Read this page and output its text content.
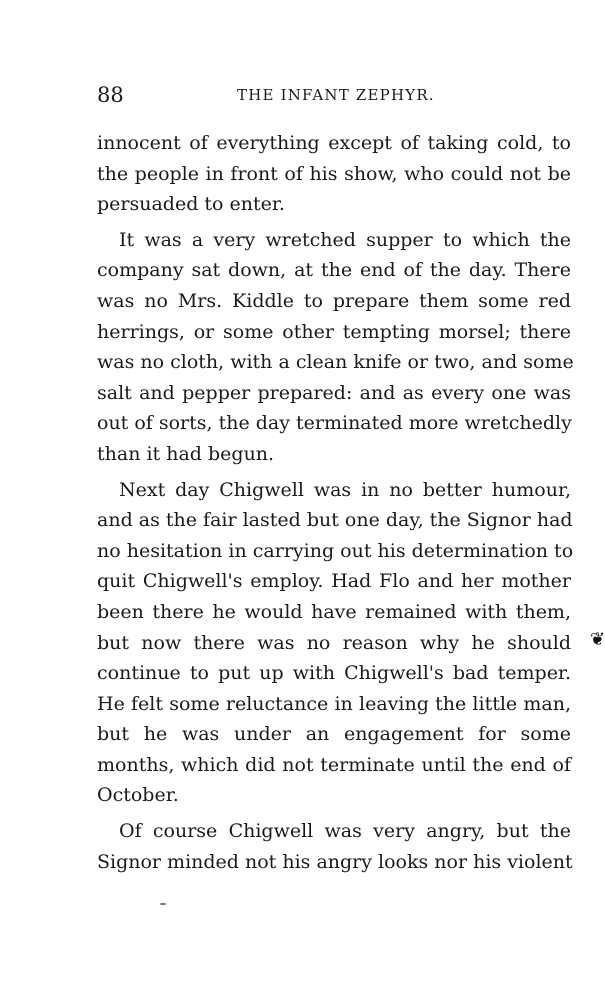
88	THE INFANT ZEPHYR.
innocent of everything except of taking cold, to
the people in front of his show, who could not be
persuaded to enter.
It was a very wretched supper to which the
company sat down, at the end of the day. There
was no Mrs. Kiddle to prepare them some red
herrings, or some other tempting morsel; there
was no cloth, with a clean knife or two, and some
salt and pepper prepared: and as every one was
out of sorts, the day terminated more wretchedly
than it had begun.
Next day Chigwell was in no better humour,
and as the fair lasted but one day, the Signor had
no hesitation in carrying out his determination to
quit Chigwell's employ. Had Flo and her mother
been there he would have remained with them,
but now there was no reason why he should
continue to put up with Chigwell's bad temper.
He felt some reluctance in leaving the little man,
but he was under an engagement for some
months, which did not terminate until the end of
October.
Of course Chigwell was very angry, but the
Signor minded not his angry looks nor his violent
❦
